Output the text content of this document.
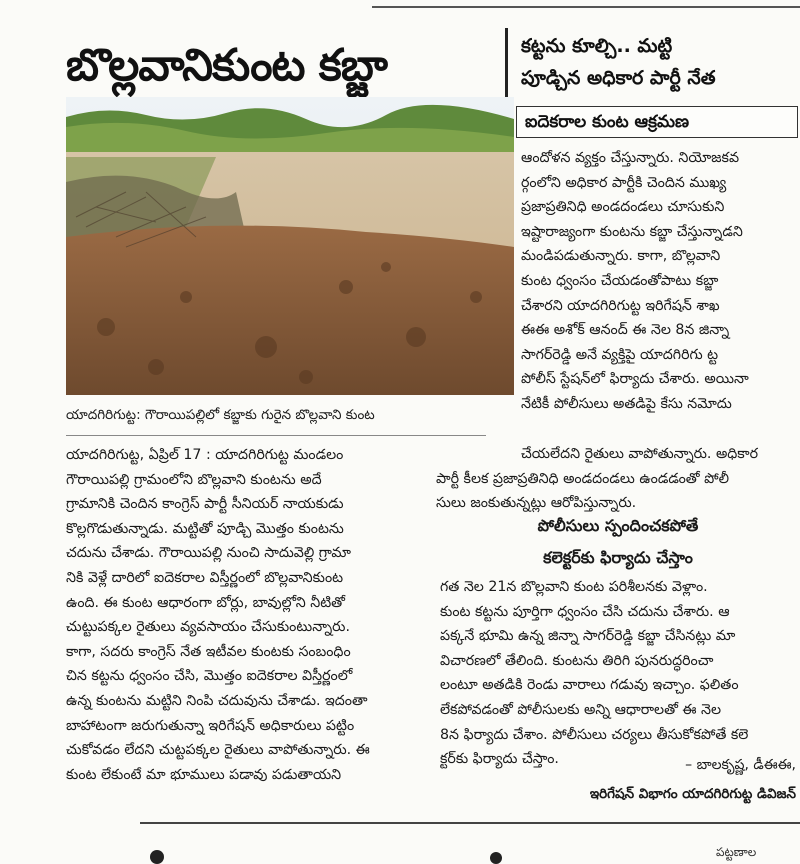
బొల్లవానికుంట కబ్జా	కట్టను కూల్చి.. మట్టి
పూడ్చిన అధికార పార్టీ నేత
ఐదెకరాల కుంట ఆక్రమణ
యాదగిరిగుట్ట: గౌరాయిపల్లిలో కబ్జాకు గురైన బొల్లవాని కుంట
ఆందోళన వ్యక్తం చేస్తున్నారు. నియోజకవ
ర్గంలోని అధికార పార్టీకి చెందిన ముఖ్య
ప్రజాప్రతినిధి అండదండలు చూసుకుని
ఇష్టారాజ్యంగా కుంటను కబ్జా చేస్తున్నాడని
మండిపడుతున్నారు. కాగా, బొల్లవాని
కుంట ధ్వంసం చేయడంతోపాటు కబ్జా
చేశారని యాదగిరిగుట్ట ఇరిగేషన్ శాఖ
ఈఈ అశోక్ ఆనంద్ ఈ నెల 8న జిన్నా
సాగర్‌రెడ్డి అనే వ్యక్తిపై యాదగిరిగు ట్ట
పోలీస్ స్టేషన్‌లో ఫిర్యాదు చేశారు. అయినా
నేటికీ పోలీసులు అతడిపై కేసు నమోదు
చేయలేదని రైతులు వాపోతున్నారు. అధికార
పార్టీ కీలక ప్రజాప్రతినిధి అండదండలు ఉండడంతో పోలీ
సులు జంకుతున్నట్లు ఆరోపిస్తున్నారు.
యాదగిరిగుట్ట, ఏప్రిల్ 17 : యాదగిరిగుట్ట మండలం
గౌరాయిపల్లి గ్రామంలోని బొల్లవాని కుంటను అదే
గ్రామానికి చెందిన కాంగ్రెస్ పార్టీ సీనియర్ నాయకుడు
కొల్లగొడుతున్నాడు. మట్టితో పూడ్చి మొత్తం కుంటను
చదును చేశాడు. గౌరాయిపల్లి నుంచి సాదువెల్లి గ్రామా
నికి వెళ్లే దారిలో ఐదెకరాల విస్తీర్ణంలో బొల్లవానికుంట
ఉంది. ఈ కుంట ఆధారంగా బోర్లు, బావుల్లోని నీటితో
చుట్టుపక్కల రైతులు వ్యవసాయం చేసుకుంటున్నారు.
కాగా, సదరు కాంగ్రెస్ నేత ఇటీవల కుంటకు సంబంధిం
చిన కట్టను ధ్వంసం చేసి, మొత్తం ఐదెకరాల విస్తీర్ణంలో
ఉన్న కుంటను మట్టిని నింపి చదువును చేశాడు. ఇదంతా
బాహాటంగా జరుగుతున్నా ఇరిగేషన్ అధికారులు పట్టిం
చుకోవడం లేదని చుట్టపక్కల రైతులు వాపోతున్నారు. ఈ
కుంట లేకుంటే మా భూములు పడావు పడుతాయని
పోలీసులు స్పందించకపోతే
కలెక్టర్‌కు ఫిర్యాదు చేస్తాం
గత నెల 21న బొల్లవాని కుంట పరిశీలనకు వెళ్లాం.
కుంట కట్టను పూర్తిగా ధ్వంసం చేసి చదును చేశారు. ఆ
పక్కనే భూమి ఉన్న జిన్నా సాగర్‌రెడ్డి కబ్జా చేసినట్లు మా
విచారణలో తేలింది. కుంటను తిరిగి పునరుద్ధరించా
లంటూ అతడికి రెండు వారాలు గడువు ఇచ్చాం. ఫలితం
లేకపోవడంతో పోలీసులకు అన్ని ఆధారాలతో ఈ నెల
8న ఫిర్యాదు చేశాం. పోలీసులు చర్యలు తీసుకోకపోతే కలె
క్టర్‌కు ఫిర్యాదు చేస్తాం.	– బాలకృష్ణ, డీఈఈ,
ఇరిగేషన్ విభాగం యాదగిరిగుట్ట డివిజన్
పట్టణాల
